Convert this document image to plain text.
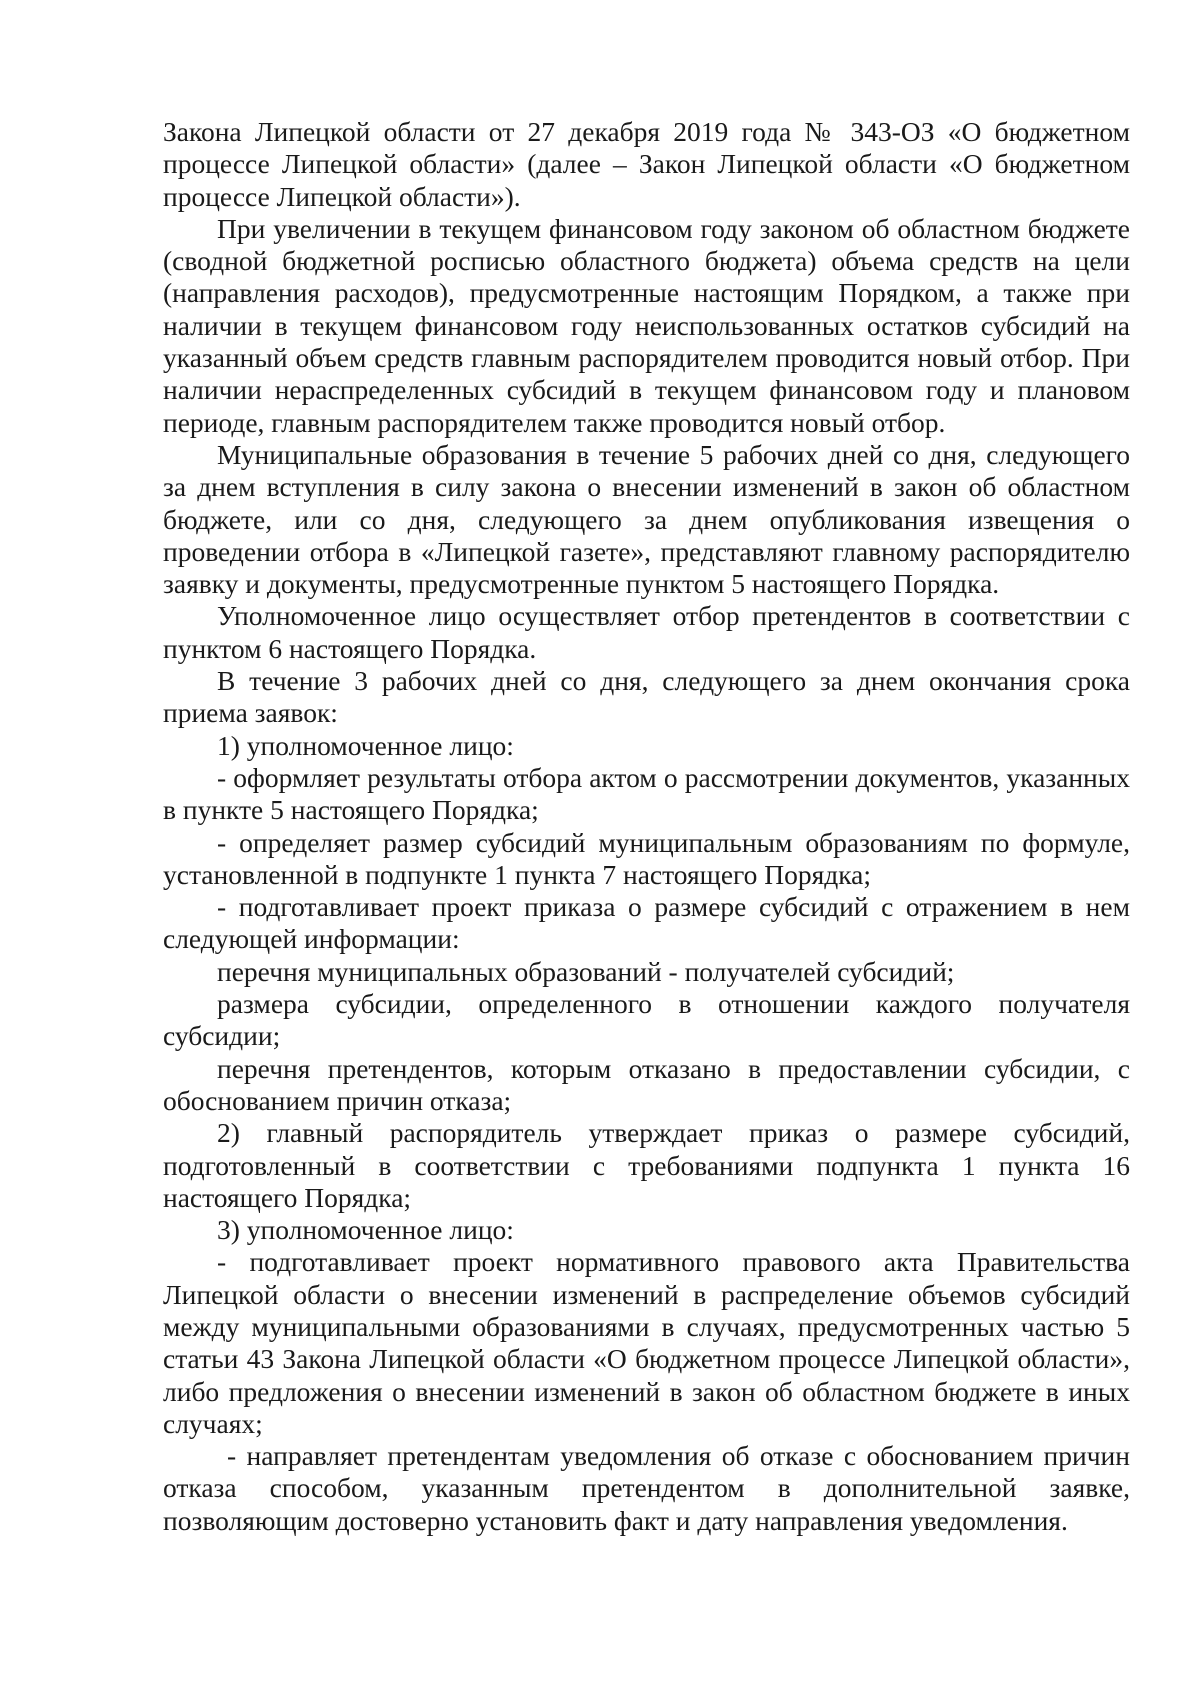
Закона Липецкой области от 27 декабря 2019 года № 343-ОЗ «О бюджетном процессе Липецкой области» (далее – Закон Липецкой области «О бюджетном процессе Липецкой области»).

При увеличении в текущем финансовом году законом об областном бюджете (сводной бюджетной росписью областного бюджета) объема средств на цели (направления расходов), предусмотренные настоящим Порядком, а также при наличии в текущем финансовом году неиспользованных остатков субсидий на указанный объем средств главным распорядителем проводится новый отбор. При наличии нераспределенных субсидий в текущем финансовом году и плановом периоде, главным распорядителем также проводится новый отбор.

Муниципальные образования в течение 5 рабочих дней со дня, следующего за днем вступления в силу закона о внесении изменений в закон об областном бюджете, или со дня, следующего за днем опубликования извещения о проведении отбора в «Липецкой газете», представляют главному распорядителю заявку и документы, предусмотренные пунктом 5 настоящего Порядка.

Уполномоченное лицо осуществляет отбор претендентов в соответствии с пунктом 6 настоящего Порядка.

В течение 3 рабочих дней со дня, следующего за днем окончания срока приема заявок:

1) уполномоченное лицо:

- оформляет результаты отбора актом о рассмотрении документов, указанных в пункте 5 настоящего Порядка;

- определяет размер субсидий муниципальным образованиям по формуле, установленной в подпункте 1 пункта 7 настоящего Порядка;

- подготавливает проект приказа о размере субсидий с отражением в нем следующей информации:

перечня муниципальных образований - получателей субсидий;

размера субсидии, определенного в отношении каждого получателя субсидии;

перечня претендентов, которым отказано в предоставлении субсидии, с обоснованием причин отказа;

2) главный распорядитель утверждает приказ о размере субсидий, подготовленный в соответствии с требованиями подпункта 1 пункта 16 настоящего Порядка;

3) уполномоченное лицо:

- подготавливает проект нормативного правового акта Правительства Липецкой области о внесении изменений в распределение объемов субсидий между муниципальными образованиями в случаях, предусмотренных частью 5 статьи 43 Закона Липецкой области «О бюджетном процессе Липецкой области», либо предложения о внесении изменений в закон об областном бюджете в иных случаях;

- направляет претендентам уведомления об отказе с обоснованием причин отказа способом, указанным претендентом в дополнительной заявке, позволяющим достоверно установить факт и дату направления уведомления.
